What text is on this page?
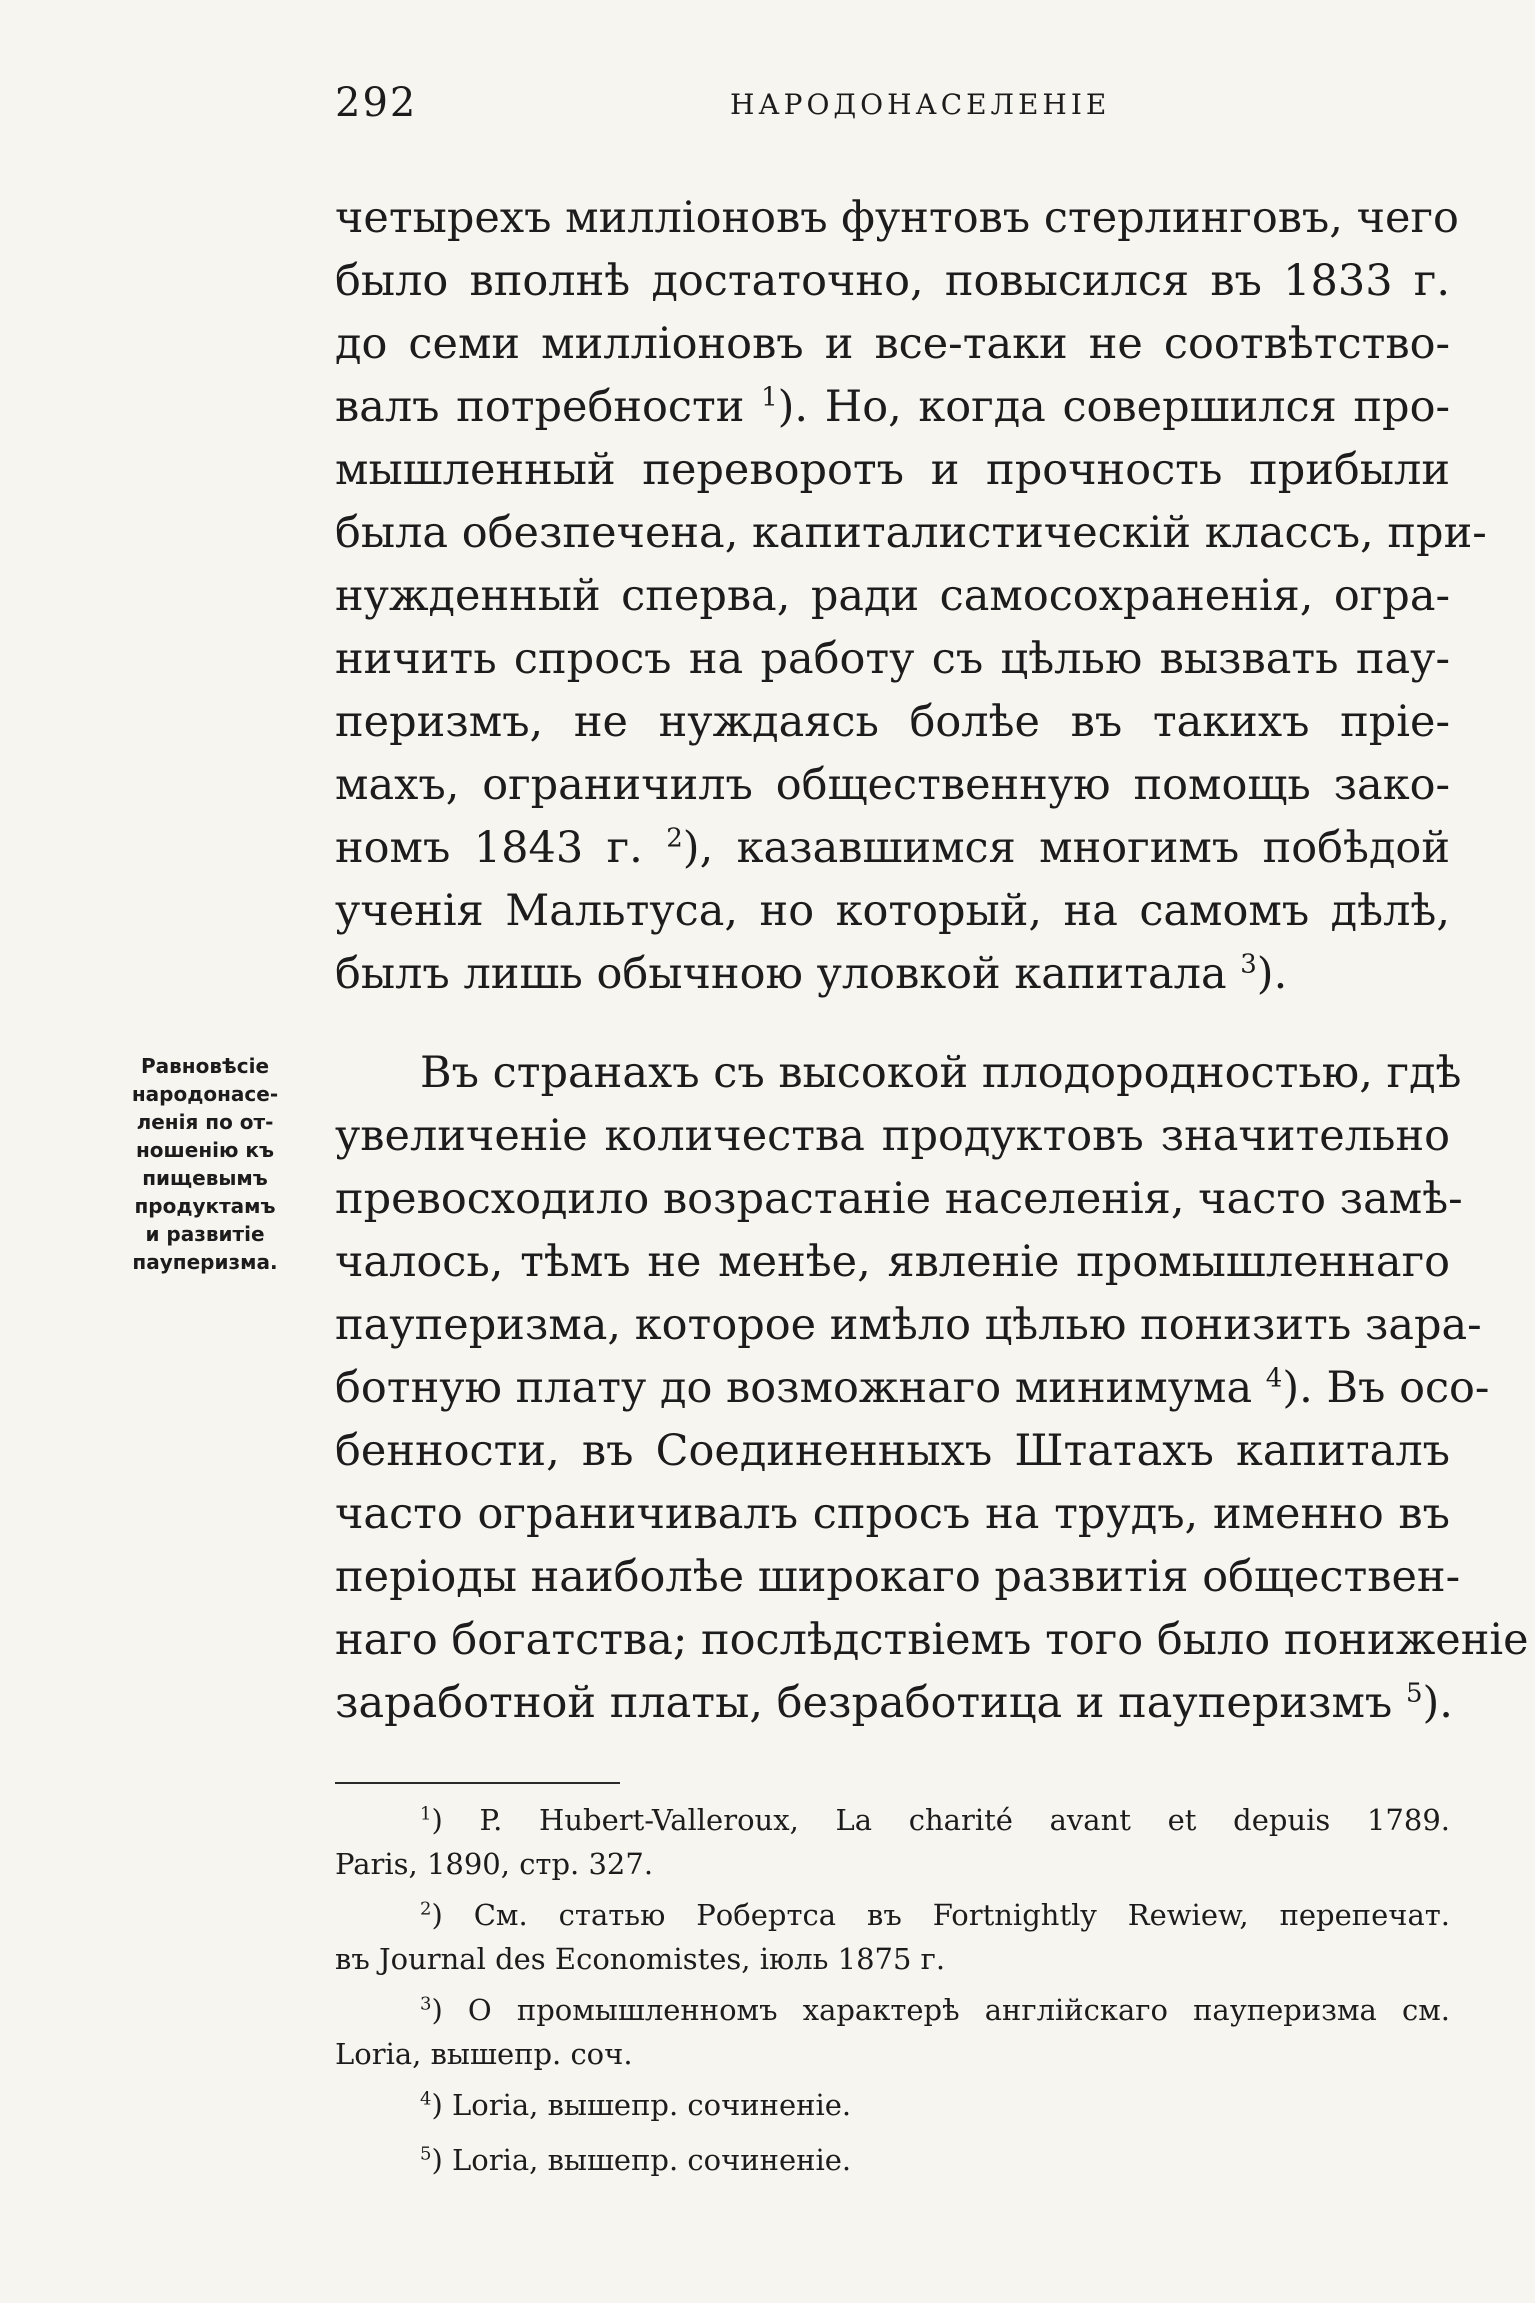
292	НАРОДОНАСЕЛЕНІЕ
четырехъ милліоновъ фунтовъ стерлинговъ, чего
было вполнѣ достаточно, повысился въ 1833 г.
до семи милліоновъ и все-таки не соотвѣтство-
валъ потребности $^1$). Но, когда совершился про-
мышленный переворотъ и прочность прибыли
была обезпечена, капиталистическій классъ, при-
нужденный сперва, ради самосохраненія, огра-
ничить спросъ на работу съ цѣлью вызвать пау-
перизмъ, не нуждаясь болѣе въ такихъ пріе-
махъ, ограничилъ общественную помощь зако-
номъ 1843 г. $^2$), казавшимся многимъ побѣдой
ученія Мальтуса, но который, на самомъ дѣлѣ,
былъ лишь обычною уловкой капитала $^3$).
Равновѣсіе
народонасе-
ленія по от-
ношенію къ
пищевымъ
продуктамъ
и развитіе
пауперизма.
Въ странахъ съ высокой плодородностью, гдѣ
увеличеніе количества продуктовъ значительно
превосходило возрастаніе населенія, часто замѣ-
чалось, тѣмъ не менѣе, явленіе промышленнаго
пауперизма, которое имѣло цѣлью понизить зара-
ботную плату до возможнаго минимума $^4$). Въ осо-
бенности, въ Соединенныхъ Штатахъ капиталъ
часто ограничивалъ спросъ на трудъ, именно въ
періоды наиболѣе широкаго развитія обществен-
наго богатства; послѣдствіемъ того было пониженіе
заработной платы, безработица и пауперизмъ $^5$).
$^1$) P. Hubert-Valleroux, La charité avant et depuis 1789.
Paris, 1890, стр. 327.
$^2$) См. статью Робертса въ Fortnightly Rewiew, перепечат.
въ Journal des Economistes, іюль 1875 г.
$^3$) О промышленномъ характерѣ англійскаго пауперизма см.
Loria, вышепр. соч.
$^4$) Loria, вышепр. сочиненіе.
$^5$) Loria, вышепр. сочиненіе.
